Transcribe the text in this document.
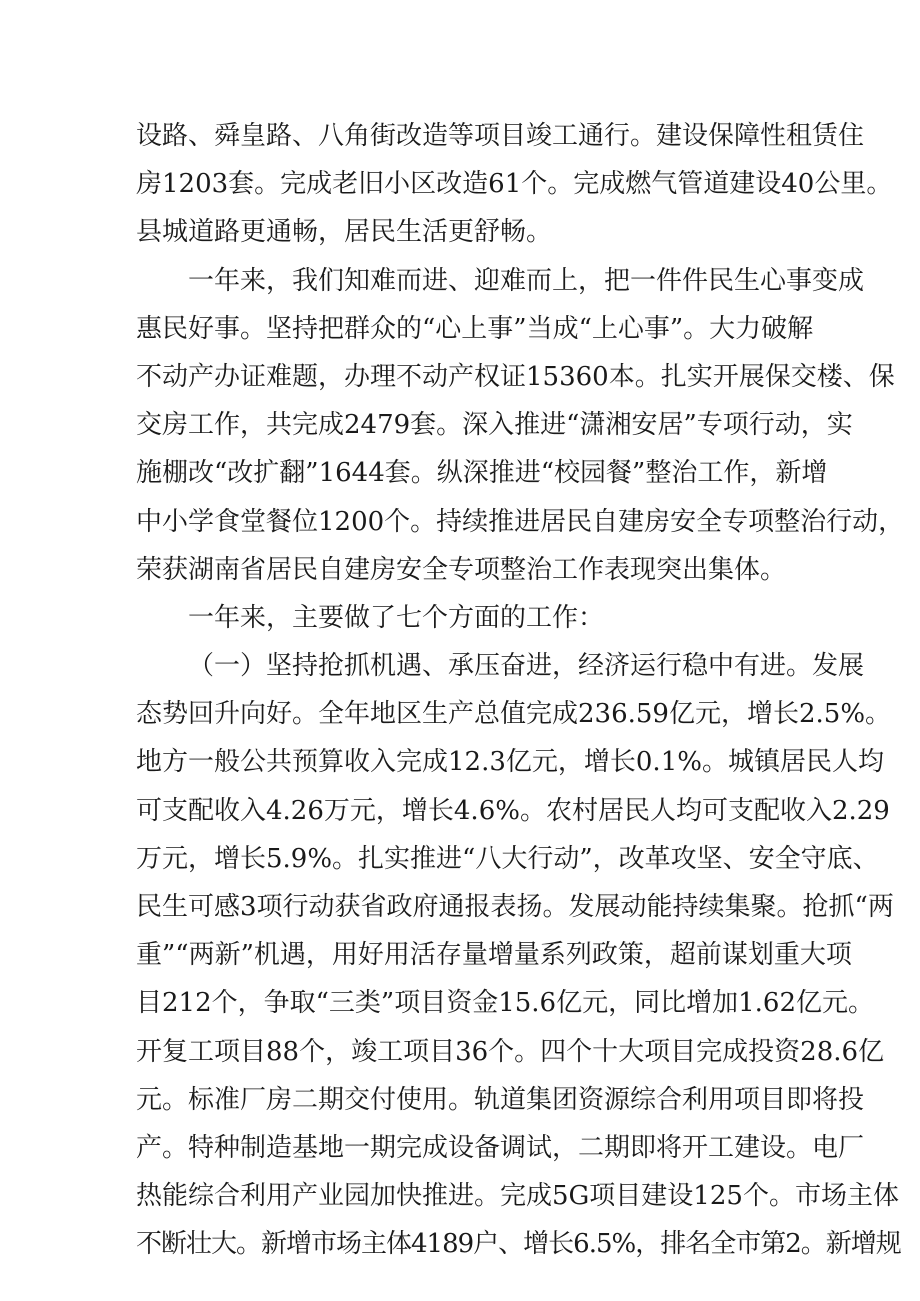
设路、舜皇路、八角街改造等项目竣工通行。建设保障性租赁住
房1203套。完成老旧小区改造61个。完成燃气管道建设40公里。
县城道路更通畅，居民生活更舒畅。
一年来，我们知难而进、迎难而上，把一件件民生心事变成
惠民好事。坚持把群众的“心上事”当成“上心事”。大力破解
不动产办证难题，办理不动产权证15360本。扎实开展保交楼、保
交房工作，共完成2479套。深入推进“潇湘安居”专项行动，实
施棚改“改扩翻”1644套。纵深推进“校园餐”整治工作，新增
中小学食堂餐位1200个。持续推进居民自建房安全专项整治行动，
荣获湖南省居民自建房安全专项整治工作表现突出集体。
一年来，主要做了七个方面的工作：
（一）坚持抢抓机遇、承压奋进，经济运行稳中有进。发展
态势回升向好。全年地区生产总值完成236.59亿元，增长2.5%。
地方一般公共预算收入完成12.3亿元，增长0.1%。城镇居民人均
可支配收入4.26万元，增长4.6%。农村居民人均可支配收入2.29
万元，增长5.9%。扎实推进“八大行动”，改革攻坚、安全守底、
民生可感3项行动获省政府通报表扬。发展动能持续集聚。抢抓“两
重”“两新”机遇，用好用活存量增量系列政策，超前谋划重大项
目212个，争取“三类”项目资金15.6亿元，同比增加1.62亿元。
开复工项目88个，竣工项目36个。四个十大项目完成投资28.6亿
元。标准厂房二期交付使用。轨道集团资源综合利用项目即将投
产。特种制造基地一期完成设备调试，二期即将开工建设。电厂
热能综合利用产业园加快推进。完成5G项目建设125个。市场主体
不断壮大。新增市场主体4189户、增长6.5%，排名全市第2。新增规
